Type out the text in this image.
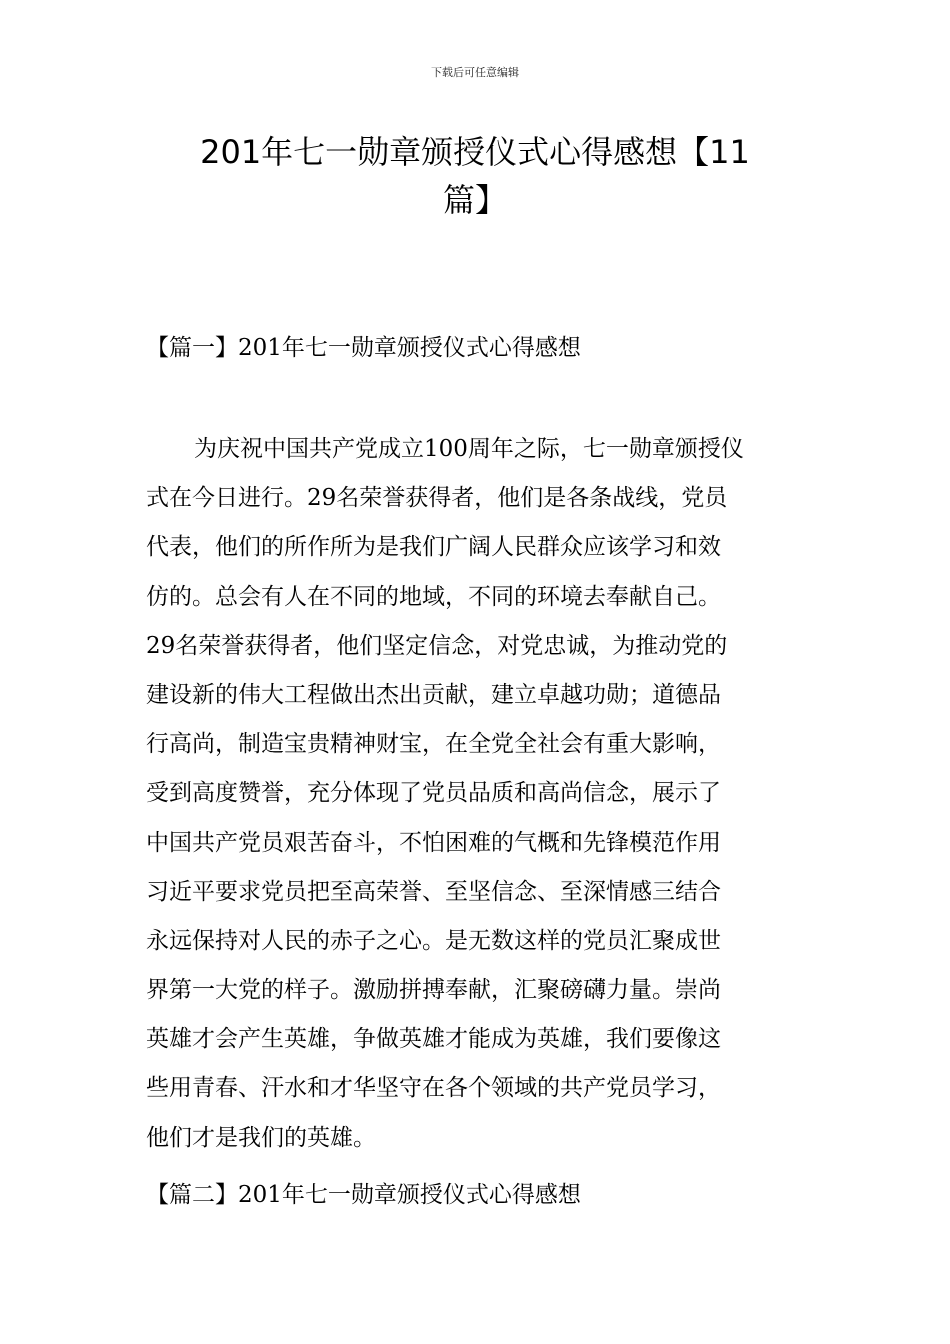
下载后可任意编辑
201年七一勋章颁授仪式心得感想【11
篇】
【篇一】201年七一勋章颁授仪式心得感想
为庆祝中国共产党成立100周年之际，七一勋章颁授仪
式在今日进行。29名荣誉获得者，他们是各条战线，党员
代表，他们的所作所为是我们广阔人民群众应该学习和效
仿的。总会有人在不同的地域，不同的环境去奉献自己。
29名荣誉获得者，他们坚定信念，对党忠诚，为推动党的
建设新的伟大工程做出杰出贡献，建立卓越功勋；道德品
行高尚，制造宝贵精神财宝，在全党全社会有重大影响，
受到高度赞誉，充分体现了党员品质和高尚信念，展示了
中国共产党员艰苦奋斗，不怕困难的气概和先锋模范作用
习近平要求党员把至高荣誉、至坚信念、至深情感三结合
永远保持对人民的赤子之心。是无数这样的党员汇聚成世
界第一大党的样子。激励拼搏奉献，汇聚磅礴力量。崇尚
英雄才会产生英雄，争做英雄才能成为英雄，我们要像这
些用青春、汗水和才华坚守在各个领域的共产党员学习，
他们才是我们的英雄。
【篇二】201年七一勋章颁授仪式心得感想
